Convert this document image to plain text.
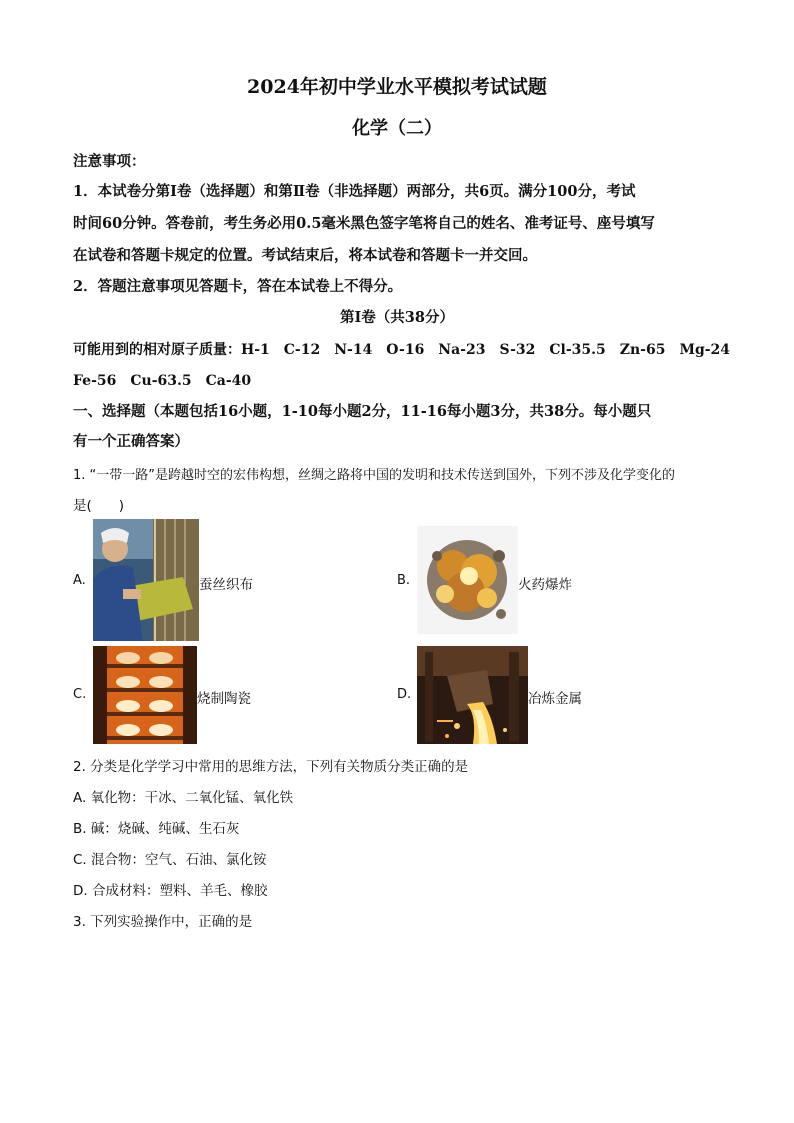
2024年初中学业水平模拟考试试题
化学（二）
注意事项：
1．本试卷分第Ⅰ卷（选择题）和第Ⅱ卷（非选择题）两部分，共6页。满分100分，考试
时间60分钟。答卷前，考生务必用0.5毫米黑色签字笔将自己的姓名、准考证号、座号填写
在试卷和答题卡规定的位置。考试结束后，将本试卷和答题卡一并交回。
2．答题注意事项见答题卡，答在本试卷上不得分。
第Ⅰ卷（共38分）
可能用到的相对原子质量：H-1　C-12　N-14　O-16　Na-23　S-32　Cl-35.5　Zn-65　Mg-24
Fe-56　Cu-63.5　Ca-40
一、选择题（本题包括16小题，1-10每小题2分，11-16每小题3分，共38分。每小题只
有一个正确答案）
1. “一带一路”是跨越时空的宏伟构想，丝绸之路将中国的发明和技术传送到国外，下列不涉及化学变化的
是(　　)
A.	蚕丝织布	B.	火药爆炸
C.	烧制陶瓷	D.	冶炼金属
2. 分类是化学学习中常用的思维方法，下列有关物质分类正确的是
A. 氧化物：干冰、二氧化锰、氧化铁
B. 碱：烧碱、纯碱、生石灰
C. 混合物：空气、石油、氯化铵
D. 合成材料：塑料、羊毛、橡胶
3. 下列实验操作中，正确的是
